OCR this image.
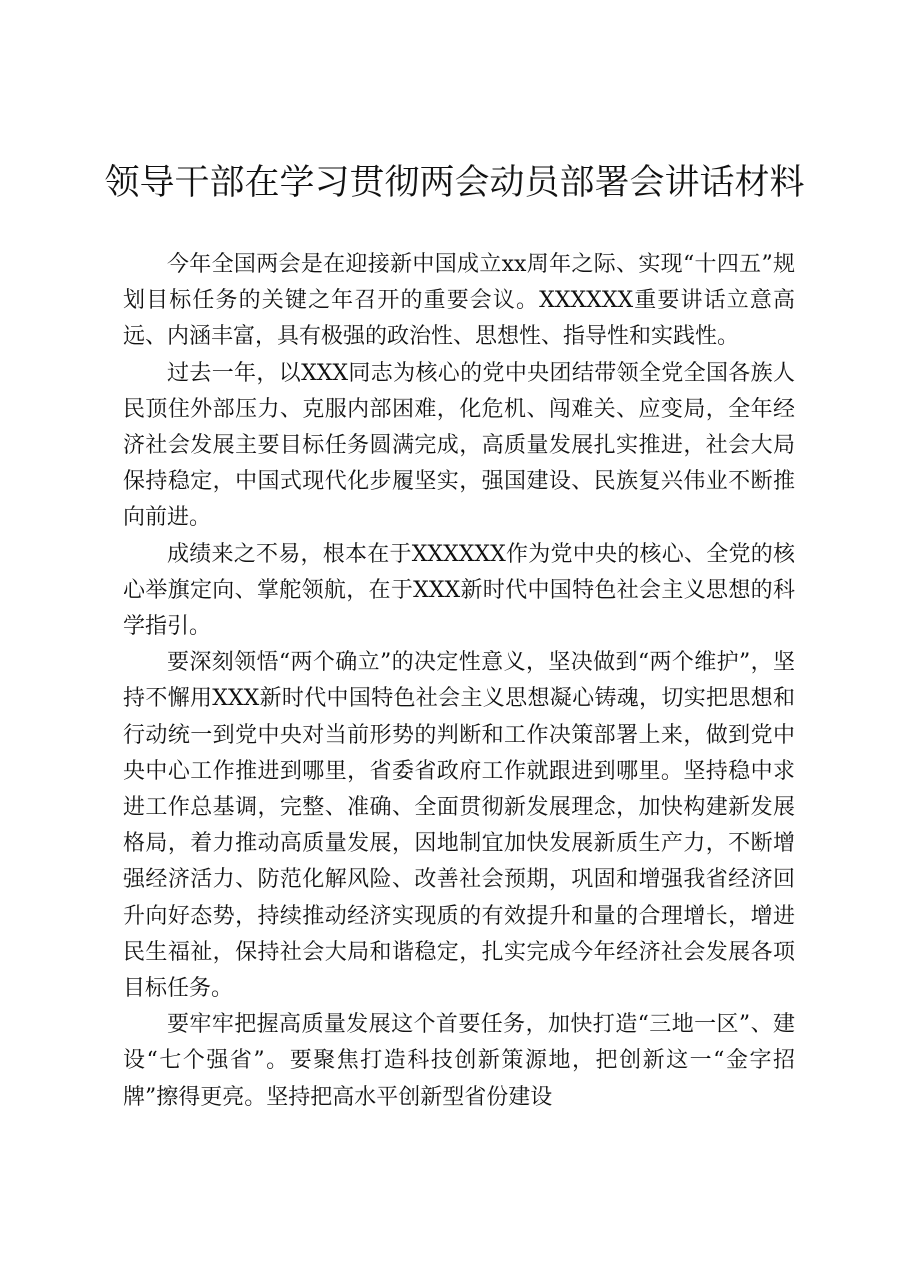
领导干部在学习贯彻两会动员部署会讲话材料

今年全国两会是在迎接新中国成立xx周年之际、实现“十四五”规划目标任务的关键之年召开的重要会议。XXXXXX重要讲话立意高远、内涵丰富，具有极强的政治性、思想性、指导性和实践性。

过去一年，以XXX同志为核心的党中央团结带领全党全国各族人民顶住外部压力、克服内部困难，化危机、闯难关、应变局，全年经济社会发展主要目标任务圆满完成，高质量发展扎实推进，社会大局保持稳定，中国式现代化步履坚实，强国建设、民族复兴伟业不断推向前进。

成绩来之不易，根本在于XXXXXX作为党中央的核心、全党的核心举旗定向、掌舵领航，在于XXX新时代中国特色社会主义思想的科学指引。

要深刻领悟“两个确立”的决定性意义，坚决做到“两个维护”，坚持不懈用XXX新时代中国特色社会主义思想凝心铸魂，切实把思想和行动统一到党中央对当前形势的判断和工作决策部署上来，做到党中央中心工作推进到哪里，省委省政府工作就跟进到哪里。坚持稳中求进工作总基调，完整、准确、全面贯彻新发展理念，加快构建新发展格局，着力推动高质量发展，因地制宜加快发展新质生产力，不断增强经济活力、防范化解风险、改善社会预期，巩固和增强我省经济回升向好态势，持续推动经济实现质的有效提升和量的合理增长，增进民生福祉，保持社会大局和谐稳定，扎实完成今年经济社会发展各项目标任务。

要牢牢把握高质量发展这个首要任务，加快打造“三地一区”、建设“七个强省”。要聚焦打造科技创新策源地，把创新这一“金字招牌”擦得更亮。坚持把高水平创新型省份建设
